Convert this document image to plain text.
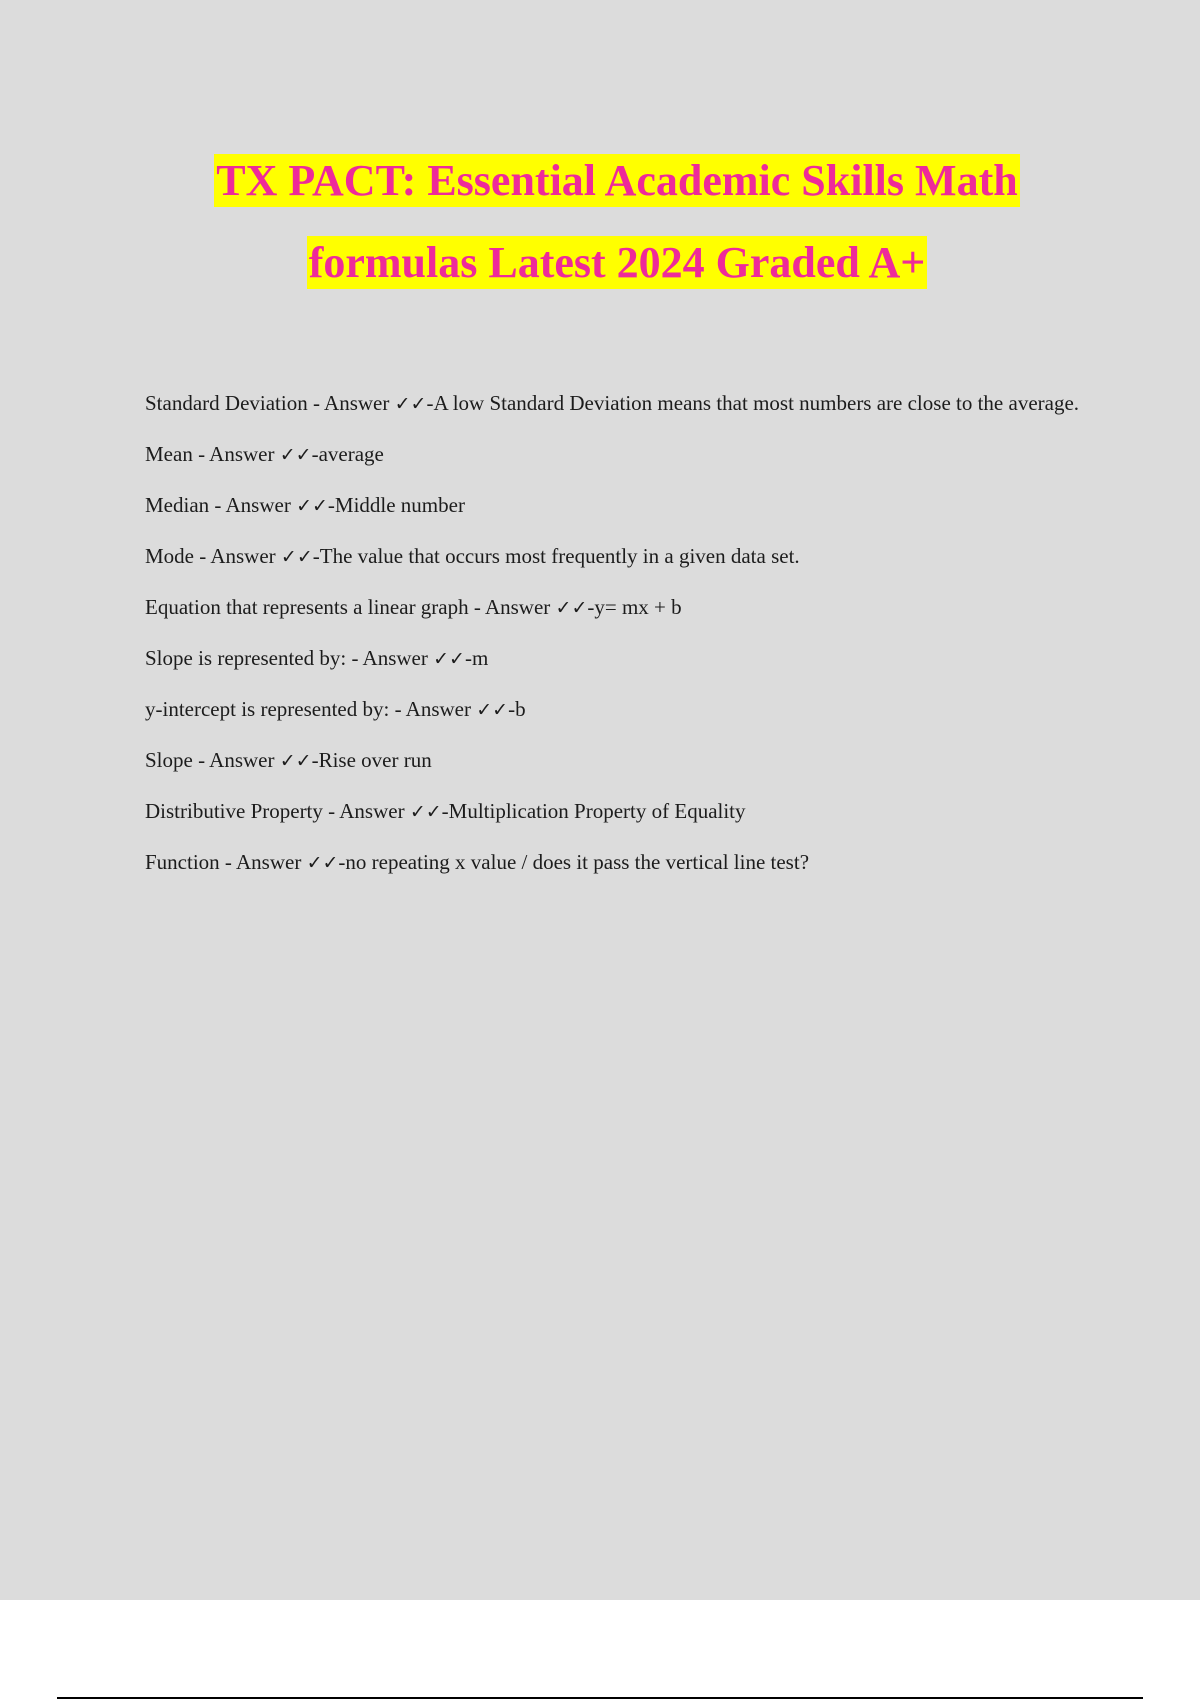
TX PACT: Essential Academic Skills Math
formulas Latest 2024 Graded A+
Standard Deviation - Answer ✓✓-A low Standard Deviation means that most numbers are close to the average.
Mean - Answer ✓✓-average
Median - Answer ✓✓-Middle number
Mode - Answer ✓✓-The value that occurs most frequently in a given data set.
Equation that represents a linear graph - Answer ✓✓-y= mx + b
Slope is represented by: - Answer ✓✓-m
y-intercept is represented by: - Answer ✓✓-b
Slope - Answer ✓✓-Rise over run
Distributive Property - Answer ✓✓-Multiplication Property of Equality
Function - Answer ✓✓-no repeating x value / does it pass the vertical line test?
